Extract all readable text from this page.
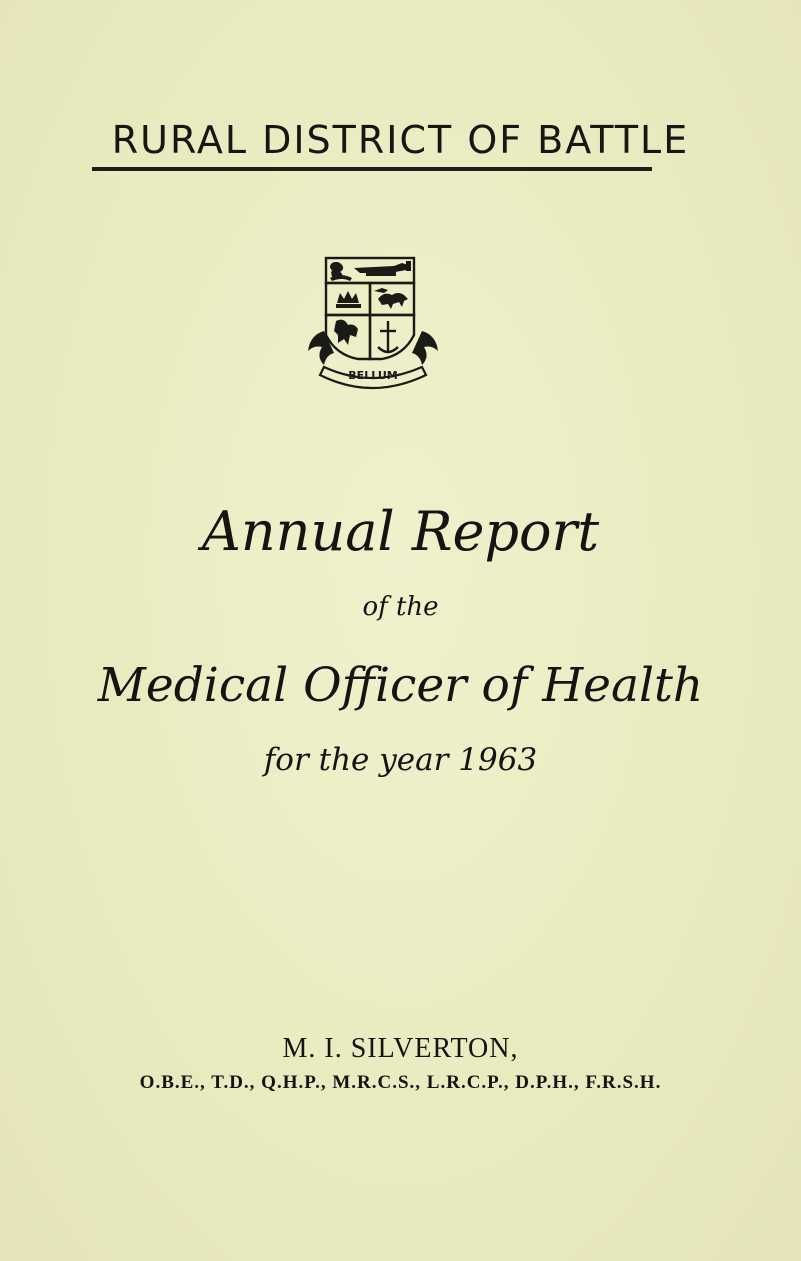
RURAL DISTRICT OF BATTLE
BELLUM
Annual Report
of the
Medical Officer of Health
for the year 1963
M. I. SILVERTON,
O.B.E., T.D., Q.H.P., M.R.C.S., L.R.C.P., D.P.H., F.R.S.H.
